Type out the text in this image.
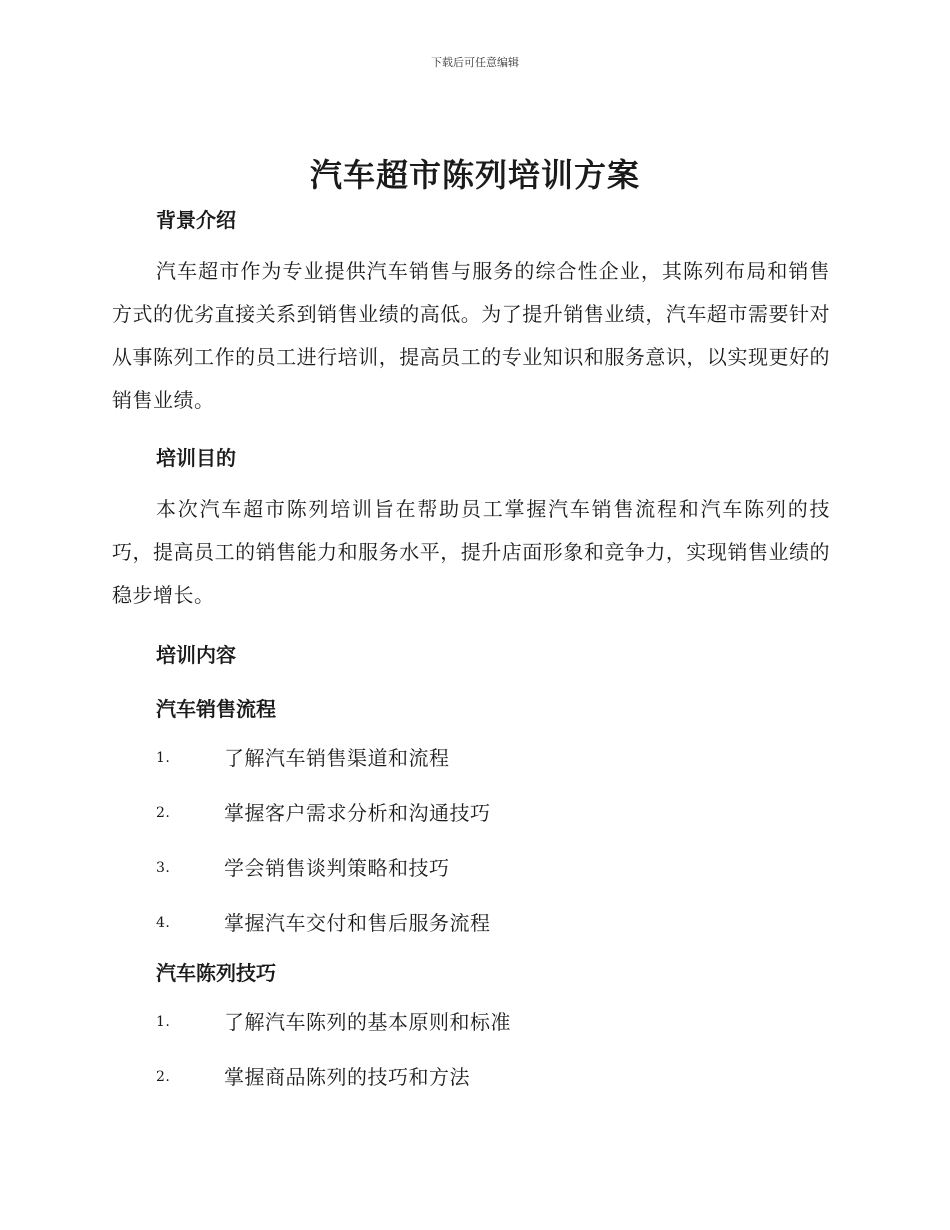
下载后可任意编辑
汽车超市陈列培训方案
背景介绍

汽车超市作为专业提供汽车销售与服务的综合性企业，其陈列布局和销售方式的优劣直接关系到销售业绩的高低。为了提升销售业绩，汽车超市需要针对从事陈列工作的员工进行培训，提高员工的专业知识和服务意识，以实现更好的销售业绩。

培训目的

本次汽车超市陈列培训旨在帮助员工掌握汽车销售流程和汽车陈列的技巧，提高员工的销售能力和服务水平，提升店面形象和竞争力，实现销售业绩的稳步增长。

培训内容
汽车销售流程
1.	了解汽车销售渠道和流程
2.	掌握客户需求分析和沟通技巧
3.	学会销售谈判策略和技巧
4.	掌握汽车交付和售后服务流程
汽车陈列技巧
1.	了解汽车陈列的基本原则和标准
2.	掌握商品陈列的技巧和方法
